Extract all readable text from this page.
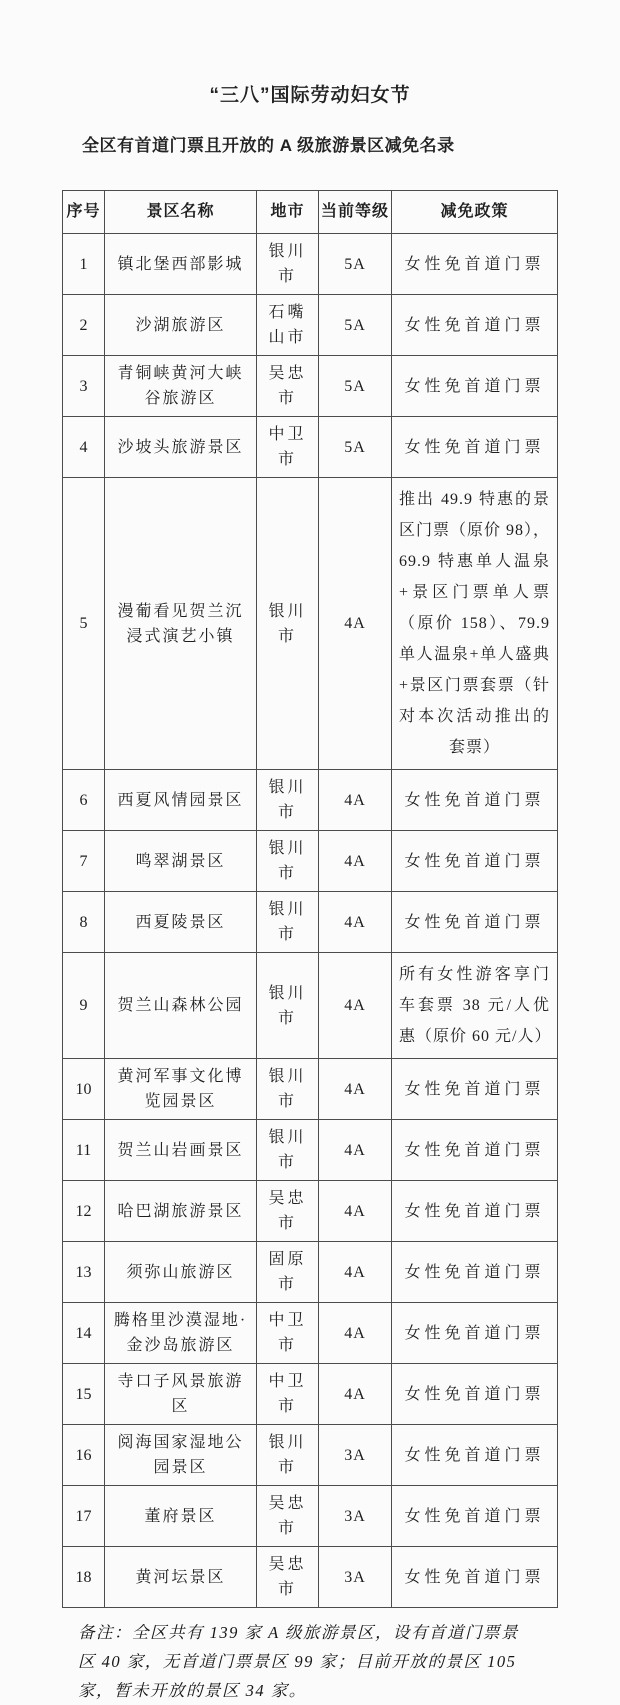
“三八”国际劳动妇女节
全区有首道门票且开放的 A 级旅游景区减免名录
序号	景区名称	地市	当前等级	减免政策
1	镇北堡西部影城	银川市	5A	女性免首道门票
2	沙湖旅游区	石嘴山市	5A	女性免首道门票
3	青铜峡黄河大峡谷旅游区	吴忠市	5A	女性免首道门票
4	沙坡头旅游景区	中卫市	5A	女性免首道门票
5	漫葡看见贺兰沉浸式演艺小镇	银川市	4A	推出 49.9 特惠的景区门票（原价 98），69.9 特惠单人温泉+景区门票单人票（原价 158）、79.9 单人温泉+单人盛典+景区门票套票（针对本次活动推出的套票）
6	西夏风情园景区	银川市	4A	女性免首道门票
7	鸣翠湖景区	银川市	4A	女性免首道门票
8	西夏陵景区	银川市	4A	女性免首道门票
9	贺兰山森林公园	银川市	4A	所有女性游客享门车套票 38 元/人优惠（原价 60 元/人）
10	黄河军事文化博览园景区	银川市	4A	女性免首道门票
11	贺兰山岩画景区	银川市	4A	女性免首道门票
12	哈巴湖旅游景区	吴忠市	4A	女性免首道门票
13	须弥山旅游区	固原市	4A	女性免首道门票
14	腾格里沙漠湿地·金沙岛旅游区	中卫市	4A	女性免首道门票
15	寺口子风景旅游区	中卫市	4A	女性免首道门票
16	阅海国家湿地公园景区	银川市	3A	女性免首道门票
17	董府景区	吴忠市	3A	女性免首道门票
18	黄河坛景区	吴忠市	3A	女性免首道门票
备注：全区共有 139 家 A 级旅游景区，设有首道门票景区 40 家，无首道门票景区 99 家；目前开放的景区 105 家，暂未开放的景区 34 家。
